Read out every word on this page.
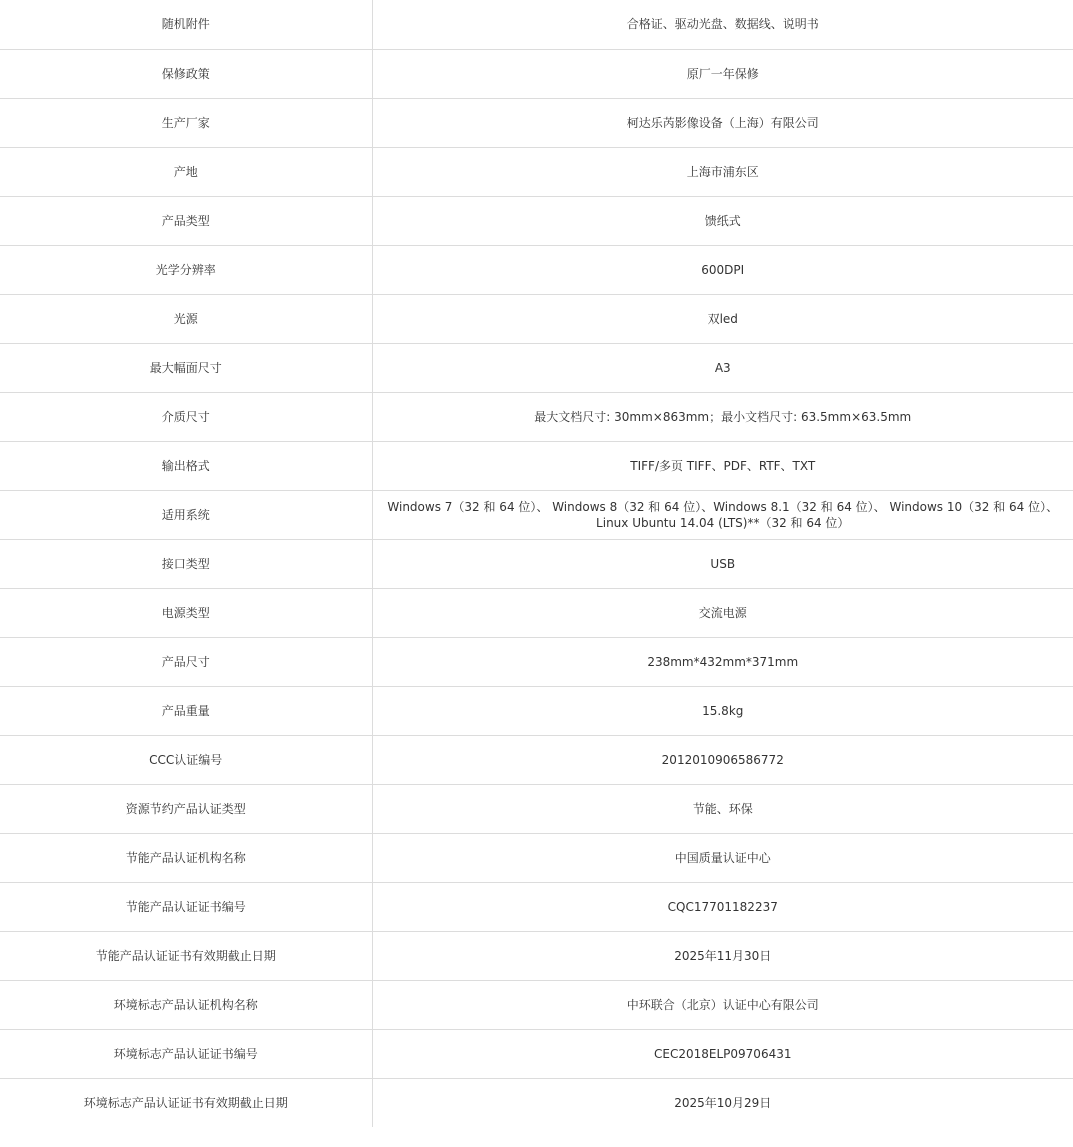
随机附件	合格证、驱动光盘、数据线、说明书
保修政策	原厂一年保修
生产厂家	柯达乐芮影像设备（上海）有限公司
产地	上海市浦东区
产品类型	馈纸式
光学分辨率	600DPI
光源	双led
最大幅面尺寸	A3
介质尺寸	最大文档尺寸: 30mm×863mm；最小文档尺寸: 63.5mm×63.5mm
输出格式	TIFF/多页 TIFF、PDF、RTF、TXT
适用系统	Windows 7（32 和 64 位）、 Windows 8（32 和 64 位）、Windows 8.1（32 和 64 位）、 Windows 10（32 和 64 位）、Linux Ubuntu 14.04 (LTS)**（32 和 64 位）
接口类型	USB
电源类型	交流电源
产品尺寸	238mm*432mm*371mm
产品重量	15.8kg
CCC认证编号	2012010906586772
资源节约产品认证类型	节能、环保
节能产品认证机构名称	中国质量认证中心
节能产品认证证书编号	CQC17701182237
节能产品认证证书有效期截止日期	2025年11月30日
环境标志产品认证机构名称	中环联合（北京）认证中心有限公司
环境标志产品认证证书编号	CEC2018ELP09706431
环境标志产品认证证书有效期截止日期	2025年10月29日
